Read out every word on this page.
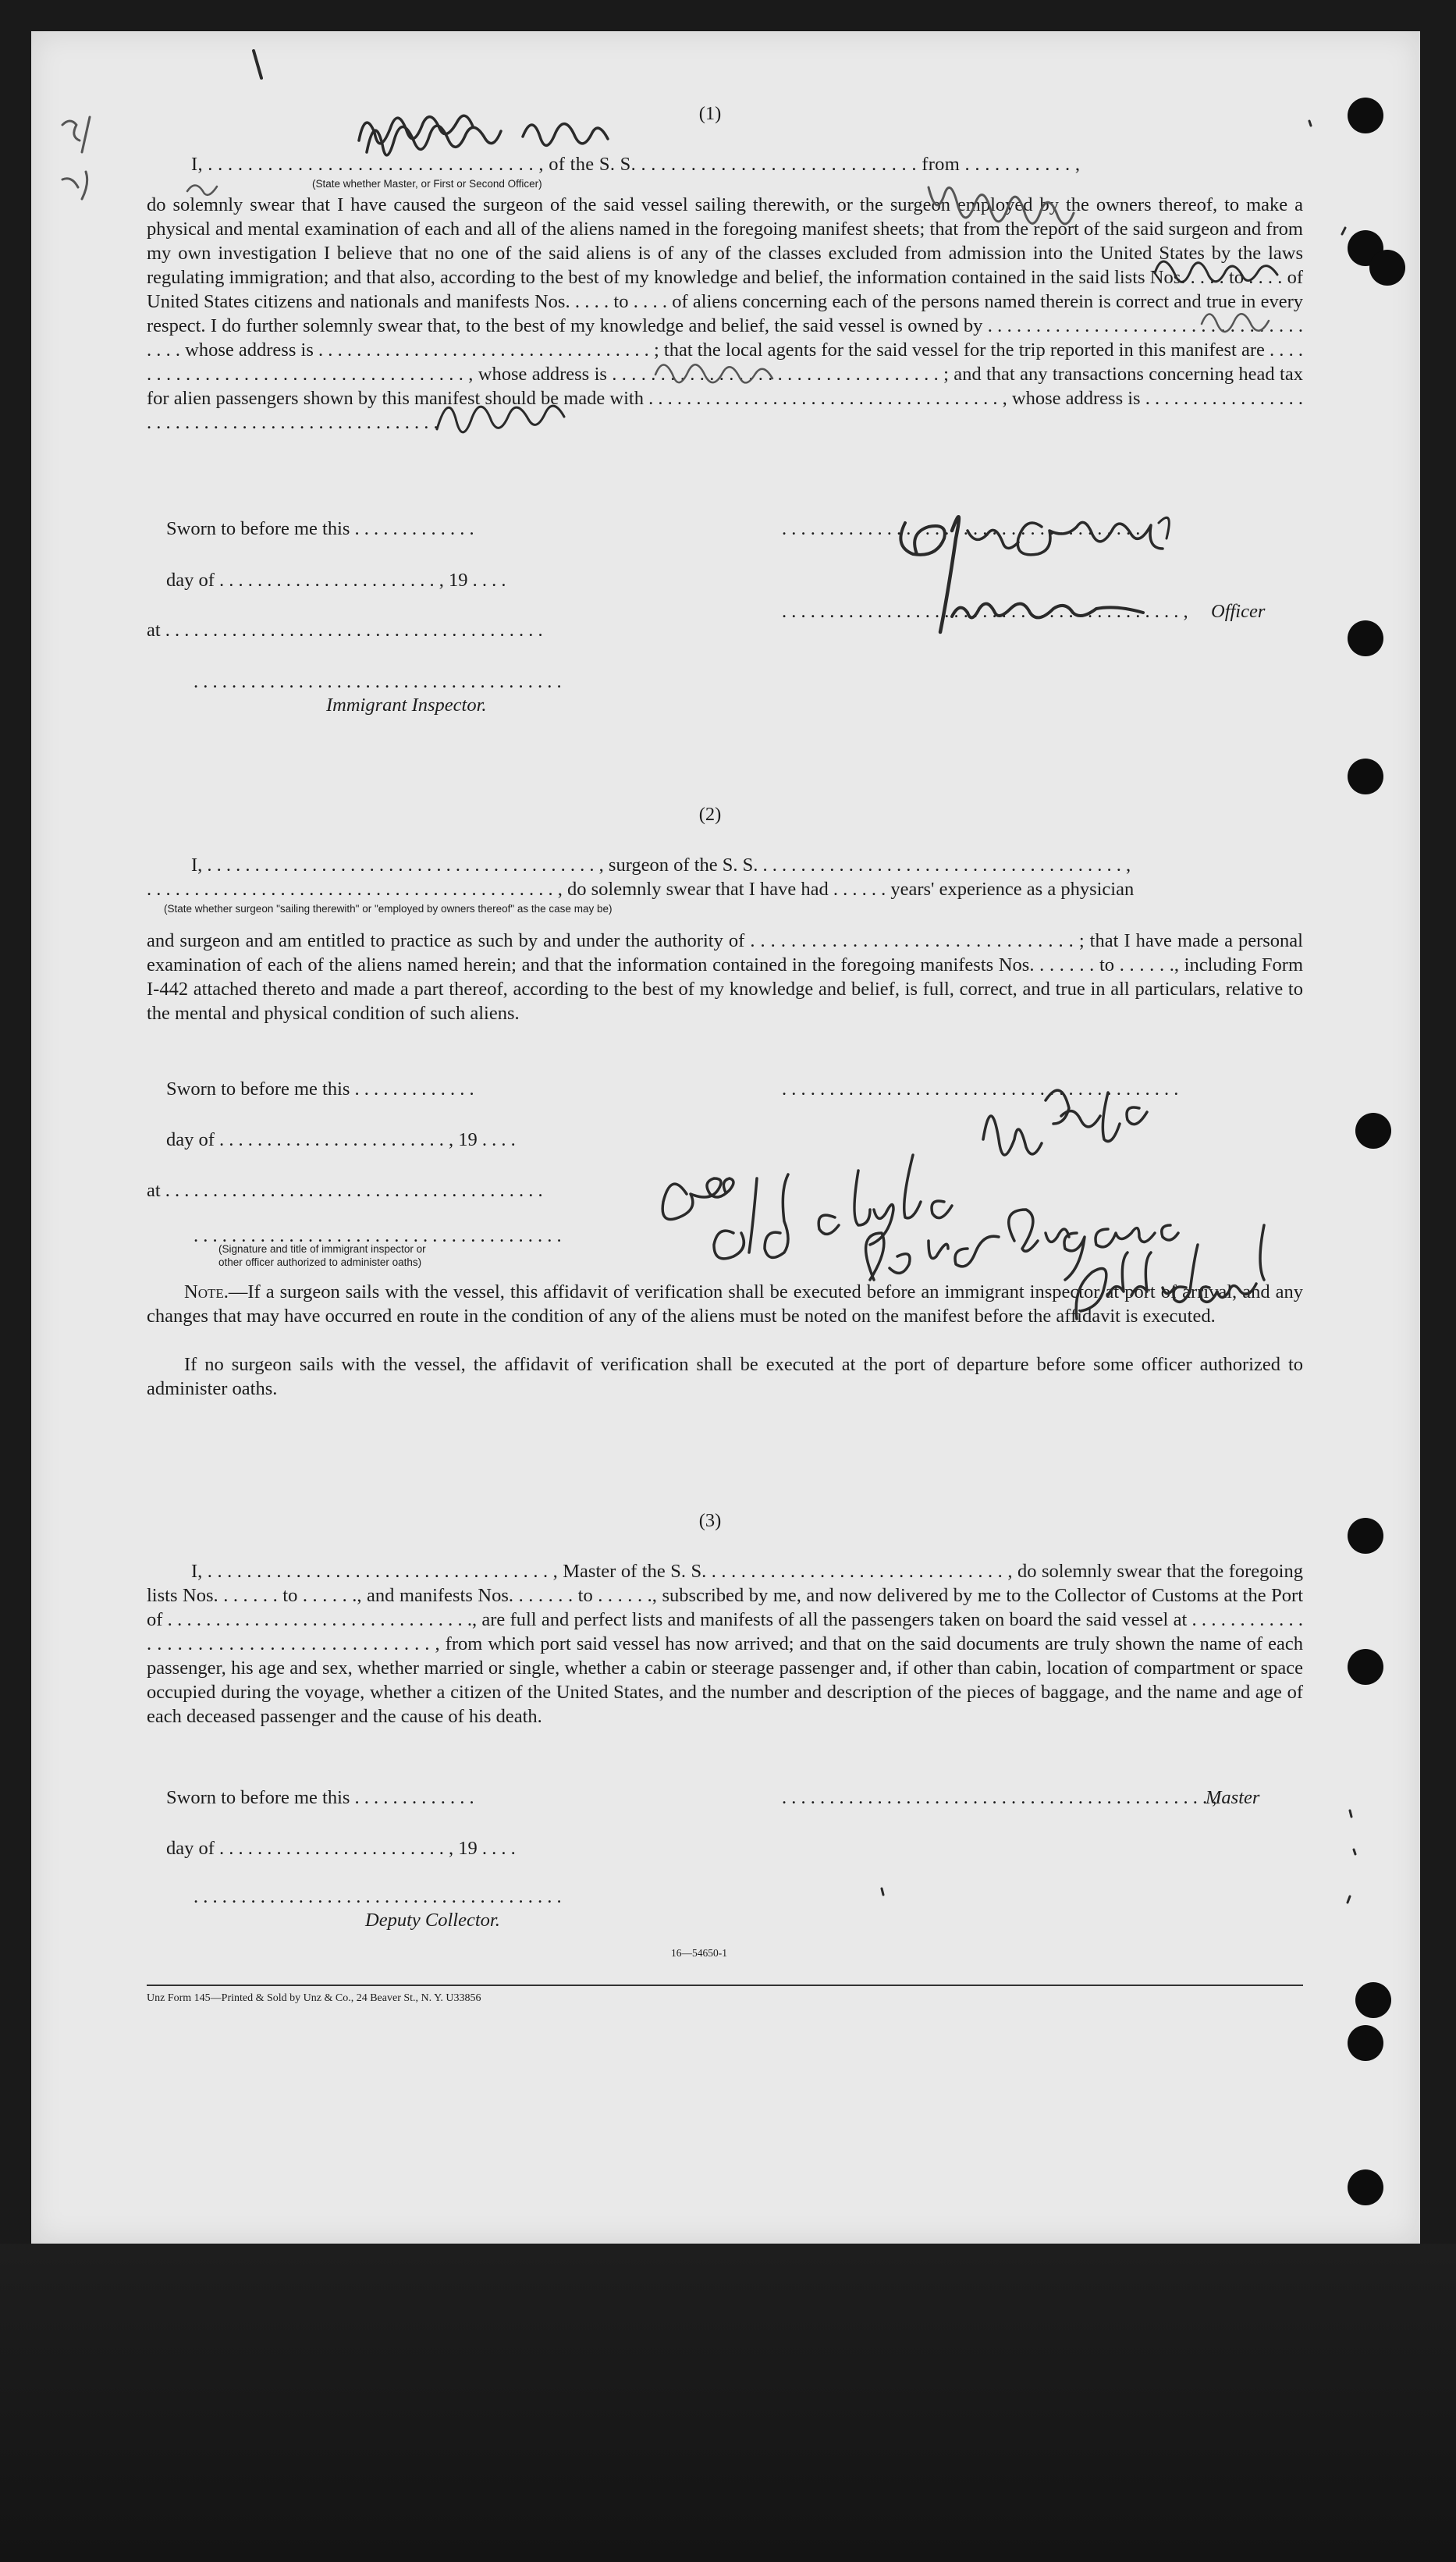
(1)
I, . . . . . . . . . . . . . . . . . . . . . . . . . . . . . . . . . , of the S. S. . . . . . . . . . . . . . . . . . . . . . . . . . . . . from . . . . . . . . . . . ,
(State whether Master, or First or Second Officer)
do solemnly swear that I have caused the surgeon of the said vessel sailing therewith, or the surgeon employed by the owners thereof, to make a physical and mental examination of each and all of the aliens named in the foregoing manifest sheets; that from the report of the said surgeon and from my own investigation I believe that no one of the said aliens is of any of the classes excluded from admission into the United States by the laws regulating immigration; and that also, according to the best of my knowledge and belief, the information contained in the said lists Nos. . . . . to . . . . of United States citizens and nationals and manifests Nos. . . . . to . . . . of aliens concerning each of the persons named therein is correct and true in every respect. I do further solemnly swear that, to the best of my knowledge and belief, the said vessel is owned by . . . . . . . . . . . . . . . . . . . . . . . . . . . . . . . . . . . . . whose address is . . . . . . . . . . . . . . . . . . . . . . . . . . . . . . . . . . . ; that the local agents for the said vessel for the trip reported in this manifest are . . . . . . . . . . . . . . . . . . . . . . . . . . . . . . . . . . . . . , whose address is . . . . . . . . . . . . . . . . . . . . . . . . . . . . . . . . . . ; and that any transactions concerning head tax for alien passengers shown by this manifest should be made with . . . . . . . . . . . . . . . . . . . . . . . . . . . . . . . . . . . . . , whose address is . . . . . . . . . . . . . . . . . . . . . . . . . . . . . . . . . . . . . . . . . . . . . . . .
Sworn to before me this . . . . . . . . . . . . .
day of . . . . . . . . . . . . . . . . . . . . . . . , 19 . . . .
at . . . . . . . . . . . . . . . . . . . . . . . . . . . . . . . . . . . . . . . .
. . . . . . . . . . . . . . . . . . . . . . . . . . . . . . . . . . . . . . .
Immigrant Inspector.
. . . . . . . . . . . . . . . . . . . . . . . . . . . . . . . . . . . . . .
. . . . . . . . . . . . . . . . . . . . . . . . . . . . . . . . . . . . . . . . . . , Officer
(2)
I, . . . . . . . . . . . . . . . . . . . . . . . . . . . . . . . . . . . . . . . . . , surgeon of the S. S. . . . . . . . . . . . . . . . . . . . . . . . . . . . . . . . . . . . . . . ,
. . . . . . . . . . . . . . . . . . . . . . . . . . . . . . . . . . . . . . . . . . . , do solemnly swear that I have had . . . . . . years' experience as a physician
(State whether surgeon "sailing therewith" or "employed by owners thereof" as the case may be)
and surgeon and am entitled to practice as such by and under the authority of . . . . . . . . . . . . . . . . . . . . . . . . . . . . . . . . ; that I have made a personal examination of each of the aliens named herein; and that the information contained in the foregoing manifests Nos. . . . . . . to . . . . . ., including Form I-442 attached thereto and made a part thereof, according to the best of my knowledge and belief, is full, correct, and true in all particulars, relative to the mental and physical condition of such aliens.
Sworn to before me this . . . . . . . . . . . . .
day of . . . . . . . . . . . . . . . . . . . . . . . . , 19 . . . .
at . . . . . . . . . . . . . . . . . . . . . . . . . . . . . . . . . . . . . . . .
. . . . . . . . . . . . . . . . . . . . . . . . . . . . . . . . . . . . . . .
(Signature and title of immigrant inspector or
other officer authorized to administer oaths)
. . . . . . . . . . . . . . . . . . . . . . . . . . . . . . . . . . . . . . . . . .
Note.—If a surgeon sails with the vessel, this affidavit of verification shall be executed before an immigrant inspector at port of arrival, and any changes that may have occurred en route in the condition of any of the aliens must be noted on the manifest before the affidavit is executed.
If no surgeon sails with the vessel, the affidavit of verification shall be executed at the port of departure before some officer authorized to administer oaths.
(3)
I, . . . . . . . . . . . . . . . . . . . . . . . . . . . . . . . . . . . , Master of the S. S. . . . . . . . . . . . . . . . . . . . . . . . . . . . . . . , do solemnly swear that the foregoing lists Nos. . . . . . . to . . . . . ., and manifests Nos. . . . . . . to . . . . . ., subscribed by me, and now delivered by me to the Collector of Customs at the Port of . . . . . . . . . . . . . . . . . . . . . . . . . . . . . . . ., are full and perfect lists and manifests of all the passengers taken on board the said vessel at . . . . . . . . . . . . . . . . . . . . . . . . . . . . . . . . . . . . . . . . , from which port said vessel has now arrived; and that on the said documents are truly shown the name of each passenger, his age and sex, whether married or single, whether a cabin or steerage passenger and, if other than cabin, location of compartment or space occupied during the voyage, whether a citizen of the United States, and the number and description of the pieces of baggage, and the name and age of each deceased passenger and the cause of his death.
Sworn to before me this . . . . . . . . . . . . .
day of . . . . . . . . . . . . . . . . . . . . . . . . , 19 . . . .
. . . . . . . . . . . . . . . . . . . . . . . . . . . . . . . . . . . . . . .
Deputy Collector.
. . . . . . . . . . . . . . . . . . . . . . . . . . . . . . . . . . . . . . . . . . . . . ,
Master
16—54650-1
Unz Form 145—Printed & Sold by Unz & Co., 24 Beaver St., N. Y. U33856
